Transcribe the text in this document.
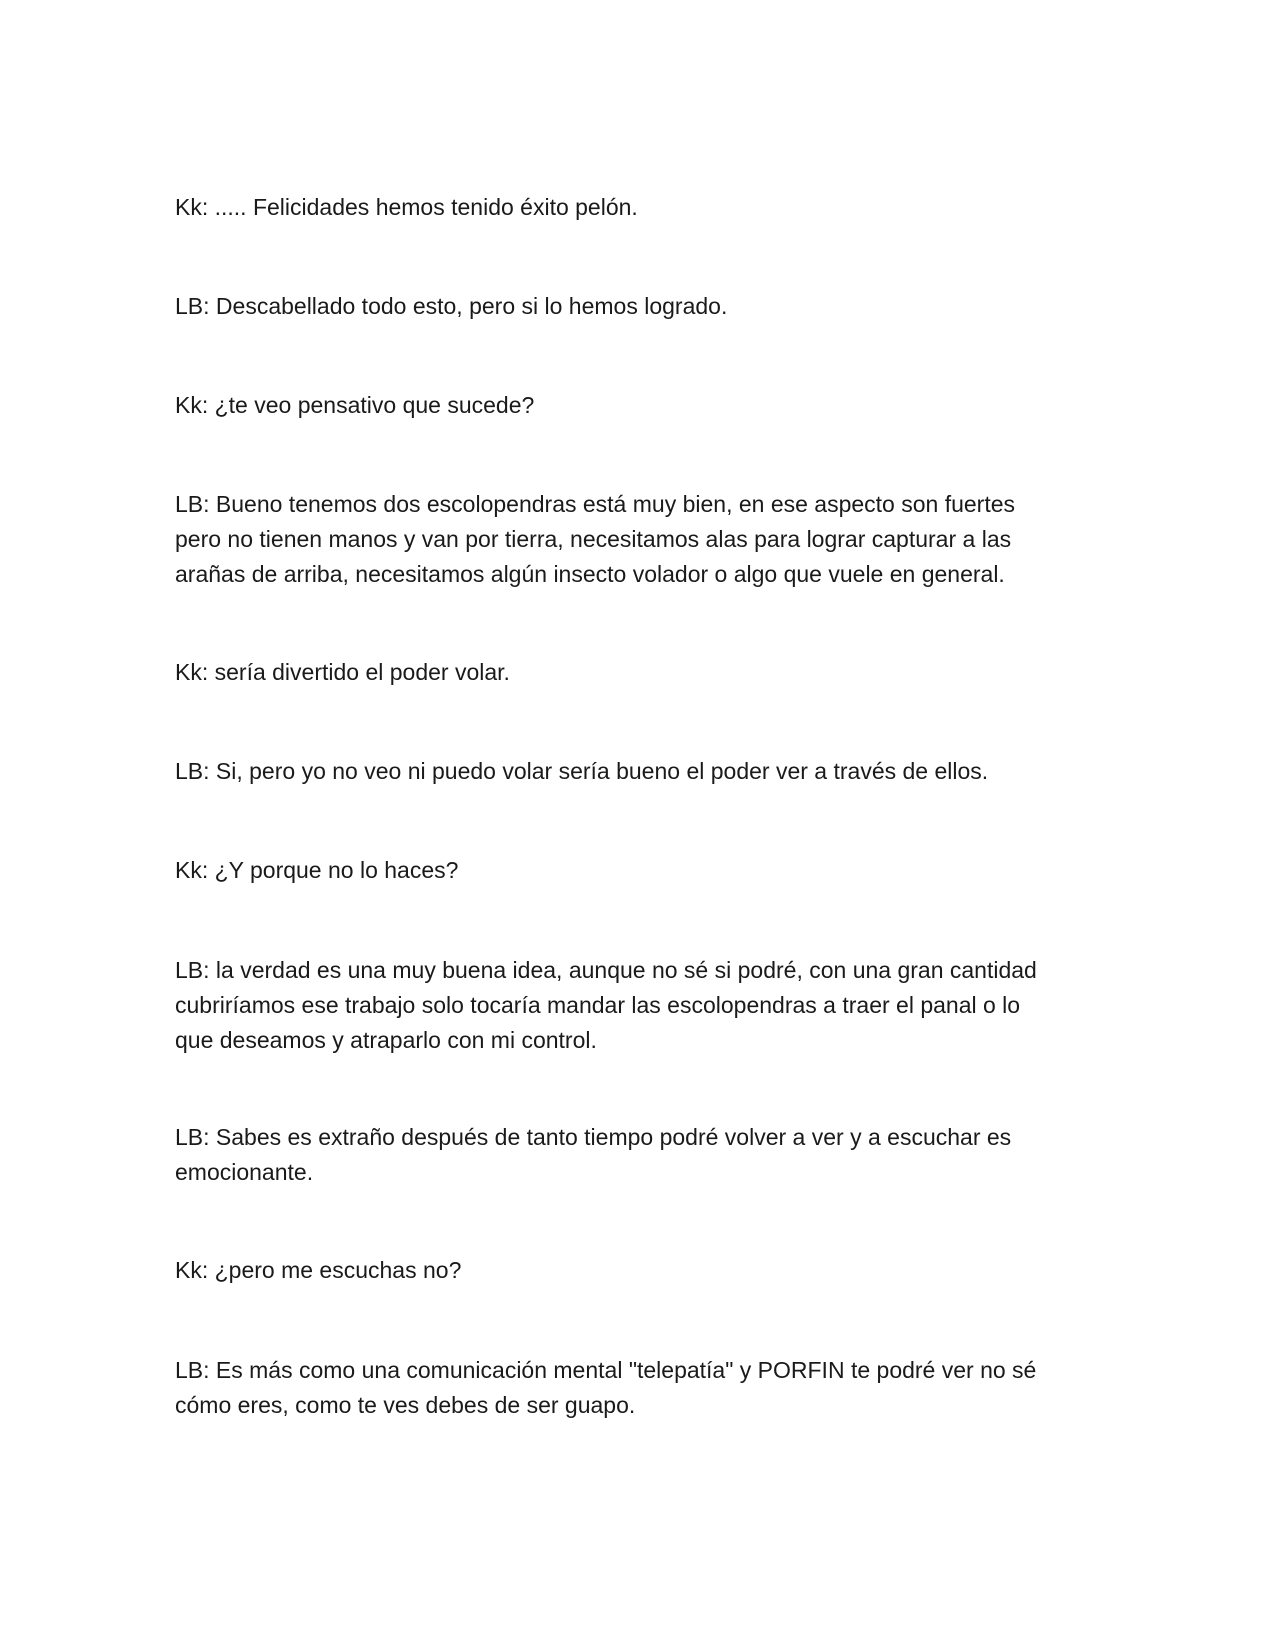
Kk: ..... Felicidades hemos tenido éxito pelón.

LB: Descabellado todo esto, pero si lo hemos logrado.

Kk: ¿te veo pensativo que sucede?

LB: Bueno tenemos dos escolopendras está muy bien, en ese aspecto son fuertes
pero no tienen manos y van por tierra, necesitamos alas para lograr capturar a las
arañas de arriba, necesitamos algún insecto volador o algo que vuele en general.

Kk: sería divertido el poder volar.

LB: Si, pero yo no veo ni puedo volar sería bueno el poder ver a través de ellos.

Kk: ¿Y porque no lo haces?

LB: la verdad es una muy buena idea, aunque no sé si podré, con una gran cantidad
cubriríamos ese trabajo solo tocaría mandar las escolopendras a traer el panal o lo
que deseamos y atraparlo con mi control.

LB: Sabes es extraño después de tanto tiempo podré volver a ver y a escuchar es
emocionante.

Kk: ¿pero me escuchas no?

LB: Es más como una comunicación mental "telepatía" y PORFIN te podré ver no sé
cómo eres, como te ves debes de ser guapo.
